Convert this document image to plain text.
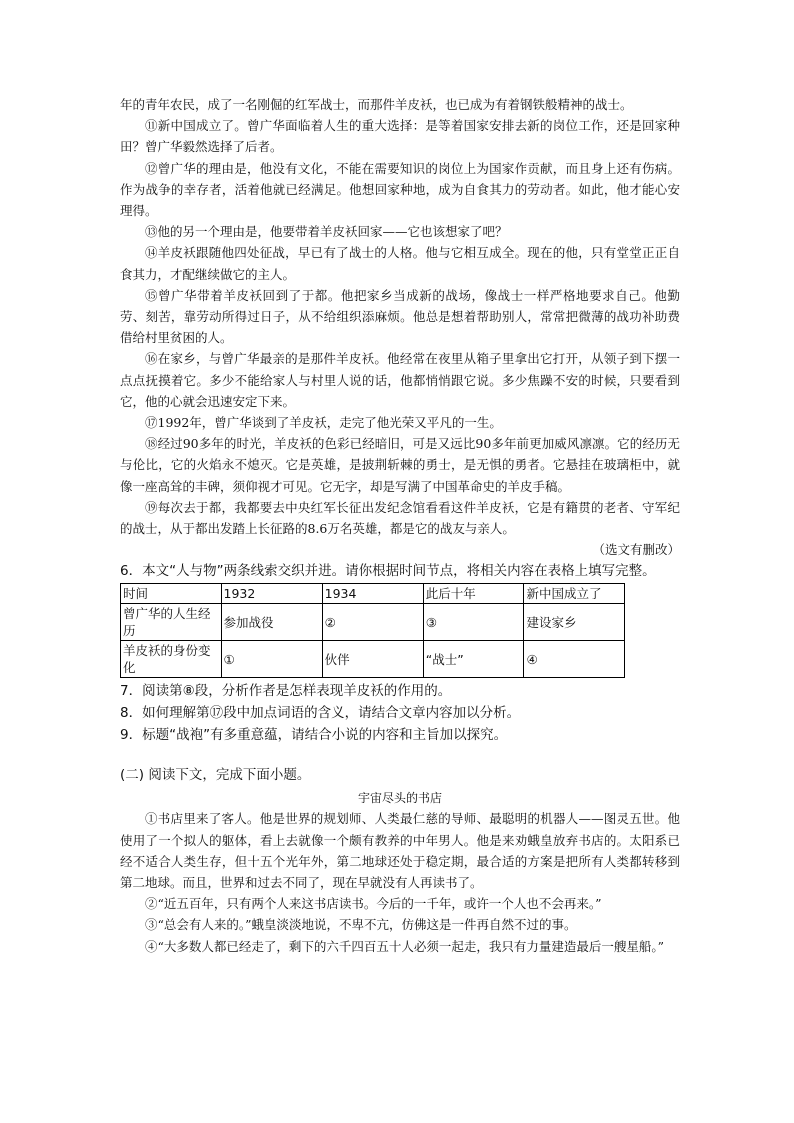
年的青年农民，成了一名刚倔的红军战士，而那件羊皮袄，也已成为有着钢铁般精神的战士。

⑪新中国成立了。曾广华面临着人生的重大选择：是等着国家安排去新的岗位工作，还是回家种田？曾广华毅然选择了后者。

⑫曾广华的理由是，他没有文化，不能在需要知识的岗位上为国家作贡献，而且身上还有伤病。作为战争的幸存者，活着他就已经满足。他想回家种地，成为自食其力的劳动者。如此，他才能心安理得。

⑬他的另一个理由是，他要带着羊皮袄回家——它也该想家了吧？

⑭羊皮袄跟随他四处征战，早已有了战士的人格。他与它相互成全。现在的他，只有堂堂正正自食其力，才配继续做它的主人。

⑮曾广华带着羊皮袄回到了于都。他把家乡当成新的战场，像战士一样严格地要求自己。他勤劳、刻苦，靠劳动所得过日子，从不给组织添麻烦。他总是想着帮助别人，常常把微薄的战功补助费借给村里贫困的人。

⑯在家乡，与曾广华最亲的是那件羊皮袄。他经常在夜里从箱子里拿出它打开，从领子到下摆一点点抚摸着它。多少不能给家人与村里人说的话，他都悄悄跟它说。多少焦躁不安的时候，只要看到它，他的心就会迅速安定下来。

⑰1992年，曾广华谈到了羊皮袄，走完了他光荣又平凡的一生。

⑱经过90多年的时光，羊皮袄的色彩已经暗旧，可是又远比90多年前更加威风凛凛。它的经历无与伦比，它的火焰永不熄灭。它是英雄，是披荆斩棘的勇士，是无惧的勇者。它悬挂在玻璃柜中，就像一座高耸的丰碑，须仰视才可见。它无字，却是写满了中国革命史的羊皮手稿。

⑲每次去于都，我都要去中央红军长征出发纪念馆看看这件羊皮袄，它是有籍贯的老者、守军纪的战士，从于都出发踏上长征路的8.6万名英雄，都是它的战友与亲人。

（选文有删改）

6．本文“人与物”两条线索交织并进。请你根据时间节点，将相关内容在表格上填写完整。

时间	1932	1934	此后十年	新中国成立了
曾广华的人生经历	参加战役	②	③	建设家乡
羊皮袄的身份变化	①	伙伴	“战士”	④

7．阅读第⑧段，分析作者是怎样表现羊皮袄的作用的。

8．如何理解第⑰段中加点词语的含义，请结合文章内容加以分析。

9．标题“战袍”有多重意蕴，请结合小说的内容和主旨加以探究。

(二) 阅读下文，完成下面小题。

宇宙尽头的书店

①书店里来了客人。他是世界的规划师、人类最仁慈的导师、最聪明的机器人——图灵五世。他使用了一个拟人的躯体，看上去就像一个颇有教养的中年男人。他是来劝蛾皇放弃书店的。太阳系已经不适合人类生存，但十五个光年外，第二地球还处于稳定期，最合适的方案是把所有人类都转移到第二地球。而且，世界和过去不同了，现在早就没有人再读书了。

②“近五百年，只有两个人来这书店读书。今后的一千年，或许一个人也不会再来。”

③“总会有人来的。”蛾皇淡淡地说，不卑不亢，仿佛这是一件再自然不过的事。

④“大多数人都已经走了，剩下的六千四百五十人必须一起走，我只有力量建造最后一艘星船。”
